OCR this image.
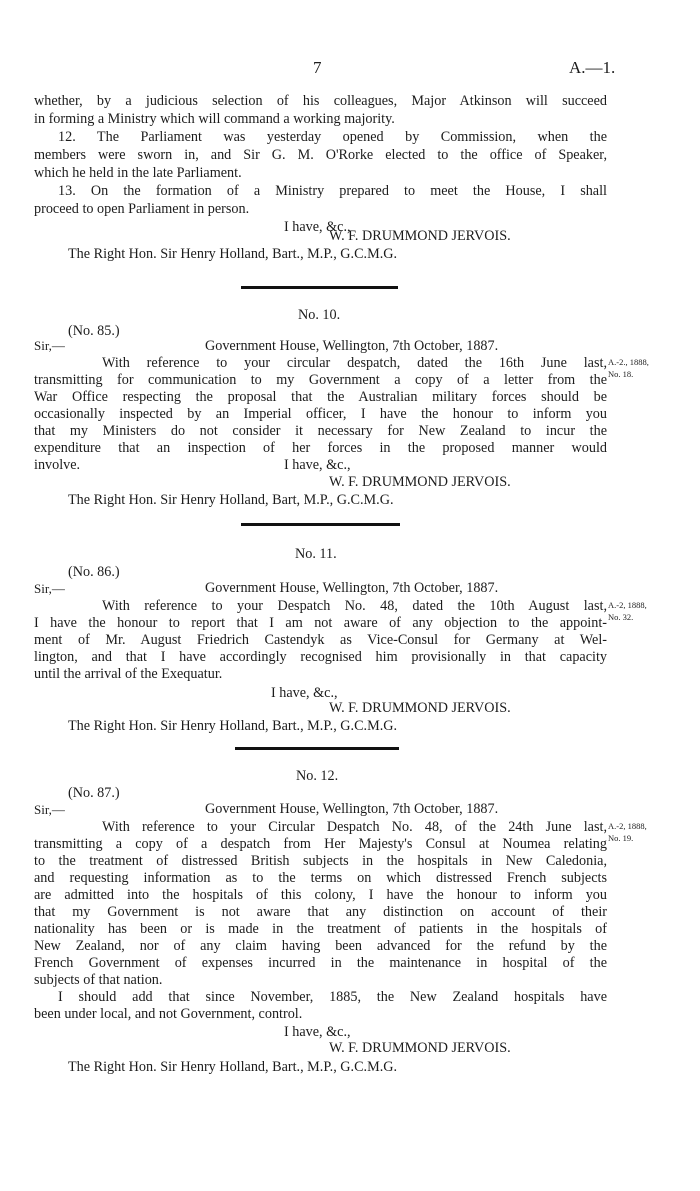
7	A.—1.
whether, by a judicious selection of his colleagues, Major Atkinson will succeed
in forming a Ministry which will command a working majority.
12. The Parliament was yesterday opened by Commission, when the
members were sworn in, and Sir G. M. O'Rorke elected to the office of Speaker,
which he held in the late Parliament.
13. On the formation of a Ministry prepared to meet the House, I shall
proceed to open Parliament in person.
I have, &c.,
W. F. DRUMMOND JERVOIS.
The Right Hon. Sir Henry Holland, Bart., M.P., G.C.M.G.
No. 10.
(No. 85.)
Sir,—	Government House, Wellington, 7th October, 1887.
With reference to your circular despatch, dated the 16th June last,
transmitting for communication to my Government a copy of a letter from the
War Office respecting the proposal that the Australian military forces should be
occasionally inspected by an Imperial officer, I have the honour to inform you
that my Ministers do not consider it necessary for New Zealand to incur the
expenditure that an inspection of her forces in the proposed manner would
involve.	I have, &c.,
A.-2., 1888,
No. 18.
W. F. DRUMMOND JERVOIS.
The Right Hon. Sir Henry Holland, Bart, M.P., G.C.M.G.
No. 11.
(No. 86.)
Sir,—	Government House, Wellington, 7th October, 1887.
With reference to your Despatch No. 48, dated the 10th August last,
I have the honour to report that I am not aware of any objection to the appoint-
ment of Mr. August Friedrich Castendyk as Vice-Consul for Germany at Wel-
lington, and that I have accordingly recognised him provisionally in that capacity
until the arrival of the Exequatur.
A.-2, 1888,
No. 32.
I have, &c.,
W. F. DRUMMOND JERVOIS.
The Right Hon. Sir Henry Holland, Bart., M.P., G.C.M.G.
No. 12.
(No. 87.)
Sir,—	Government House, Wellington, 7th October, 1887.
With reference to your Circular Despatch No. 48, of the 24th June last,
transmitting a copy of a despatch from Her Majesty's Consul at Noumea relating
to the treatment of distressed British subjects in the hospitals in New Caledonia,
and requesting information as to the terms on which distressed French subjects
are admitted into the hospitals of this colony, I have the honour to inform you
that my Government is not aware that any distinction on account of their
nationality has been or is made in the treatment of patients in the hospitals of
New Zealand, nor of any claim having been advanced for the refund by the
French Government of expenses incurred in the maintenance in hospital of the
subjects of that nation.
I should add that since November, 1885, the New Zealand hospitals have
been under local, and not Government, control.
A.-2, 1888,
No. 19.
I have, &c.,
W. F. DRUMMOND JERVOIS.
The Right Hon. Sir Henry Holland, Bart., M.P., G.C.M.G.
